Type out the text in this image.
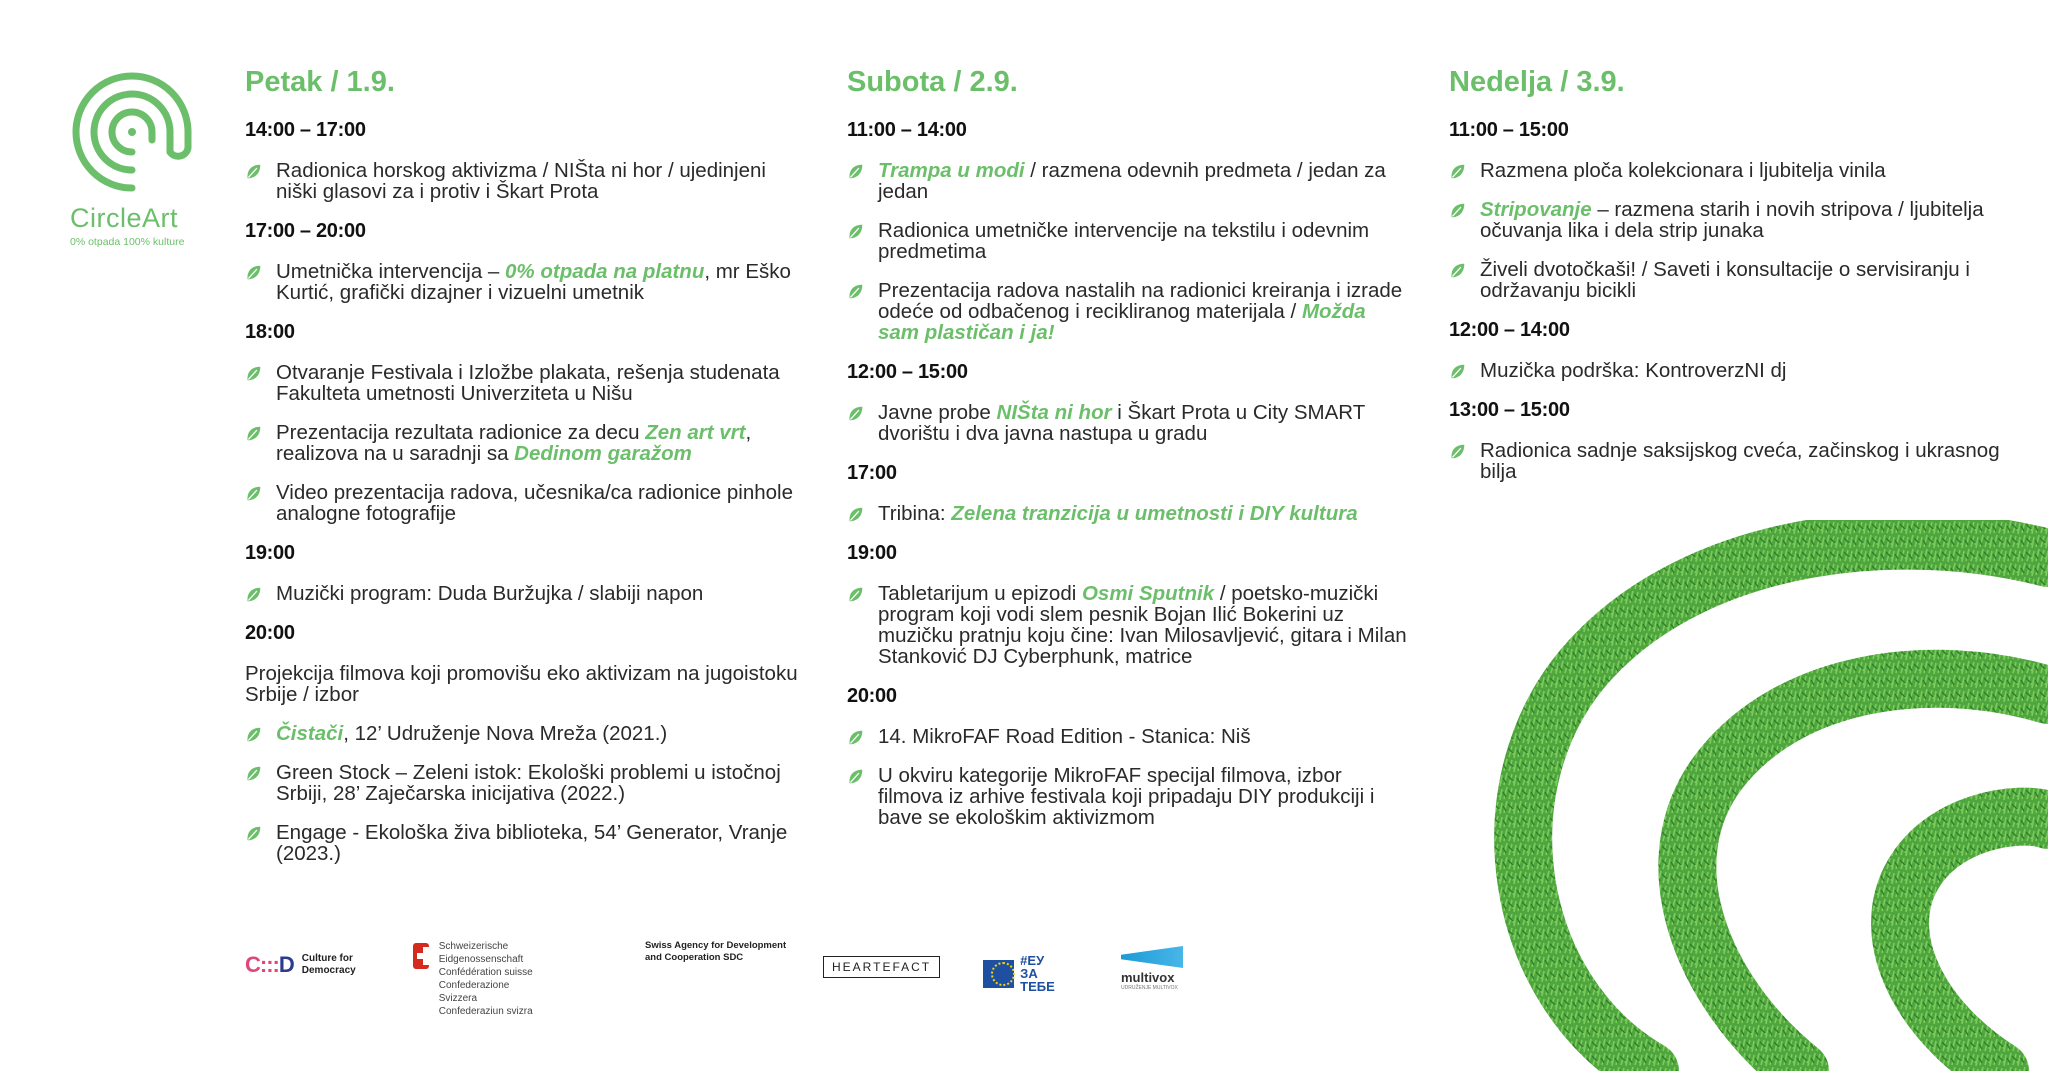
CircleArt
0% otpada 100% kulture
Petak / 1.9.
14:00 – 17:00
Radionica horskog aktivizma / NIŠta ni hor / ujedinjeni niški glasovi za i protiv i Škart Prota
17:00 – 20:00
Umetnička intervencija – 0% otpada na platnu, mr Eško Kurtić, grafički dizajner i vizuelni umetnik
18:00
Otvaranje Festivala i Izložbe plakata, rešenja studenata Fakulteta umetnosti Univerziteta u Nišu
Prezentacija rezultata radionice za decu Zen art vrt, realizova na u saradnji sa Dedinom garažom
Video prezentacija radova, učesnika/ca radionice pinhole analogne fotografije
19:00
Muzički program: Duda Buržujka / slabiji napon
20:00
Projekcija filmova koji promovišu eko aktivizam na jugoistoku Srbije / izbor
Čistači, 12’ Udruženje Nova Mreža (2021.)
Green Stock – Zeleni istok: Ekološki problemi u istočnoj Srbiji, 28’ Zaječarska inicijativa (2022.)
Engage - Ekološka živa biblioteka, 54’ Generator, Vranje (2023.)
Subota / 2.9.
11:00 – 14:00
Trampa u modi / razmena odevnih predmeta / jedan za jedan
Radionica umetničke intervencije na tekstilu i odevnim predmetima
Prezentacija radova nastalih na radionici kreiranja i izrade odeće od odbačenog i recikliranog materijala / Možda sam plastičan i ja!
12:00 – 15:00
Javne probe NIŠta ni hor i Škart Prota u City SMART dvorištu i dva javna nastupa u gradu
17:00
Tribina: Zelena tranzicija u umetnosti i DIY kultura
19:00
Tabletarijum u epizodi Osmi Sputnik / poetsko-muzički program koji vodi slem pesnik Bojan Ilić Bokerini uz muzičku pratnju koju čine: Ivan Milosavljević, gitara i Milan Stanković DJ Cyberphunk, matrice
20:00
14. MikroFAF Road Edition - Stanica: Niš
U okviru kategorije MikroFAF specijal filmova, izbor filmova iz arhive festivala koji pripadaju DIY produkciji i bave se ekološkim aktivizmom
Nedelja / 3.9.
11:00 – 15:00
Razmena ploča kolekcionara i ljubitelja vinila
Stripovanje – razmena starih i novih stripova / ljubitelja očuvanja lika i dela strip junaka
Živeli dvotočkaši! / Saveti i konsultacije o servisiranju i održavanju bicikli
12:00 – 14:00
Muzička podrška: KontroverzNI dj
13:00 – 15:00
Radionica sadnje saksijskog cveća, začinskog i ukrasnog bilja
C:::D Culture for
Democracy
Schweizerische Eidgenossenschaft
Confédération suisse
Confederazione Svizzera
Confederaziun svizra
Swiss Agency for Development
and Cooperation SDC
HEARTEFACT	#ЕУ
ЗА ТЕБЕ
multivox
UDRUŽENJE MULTIVOX
